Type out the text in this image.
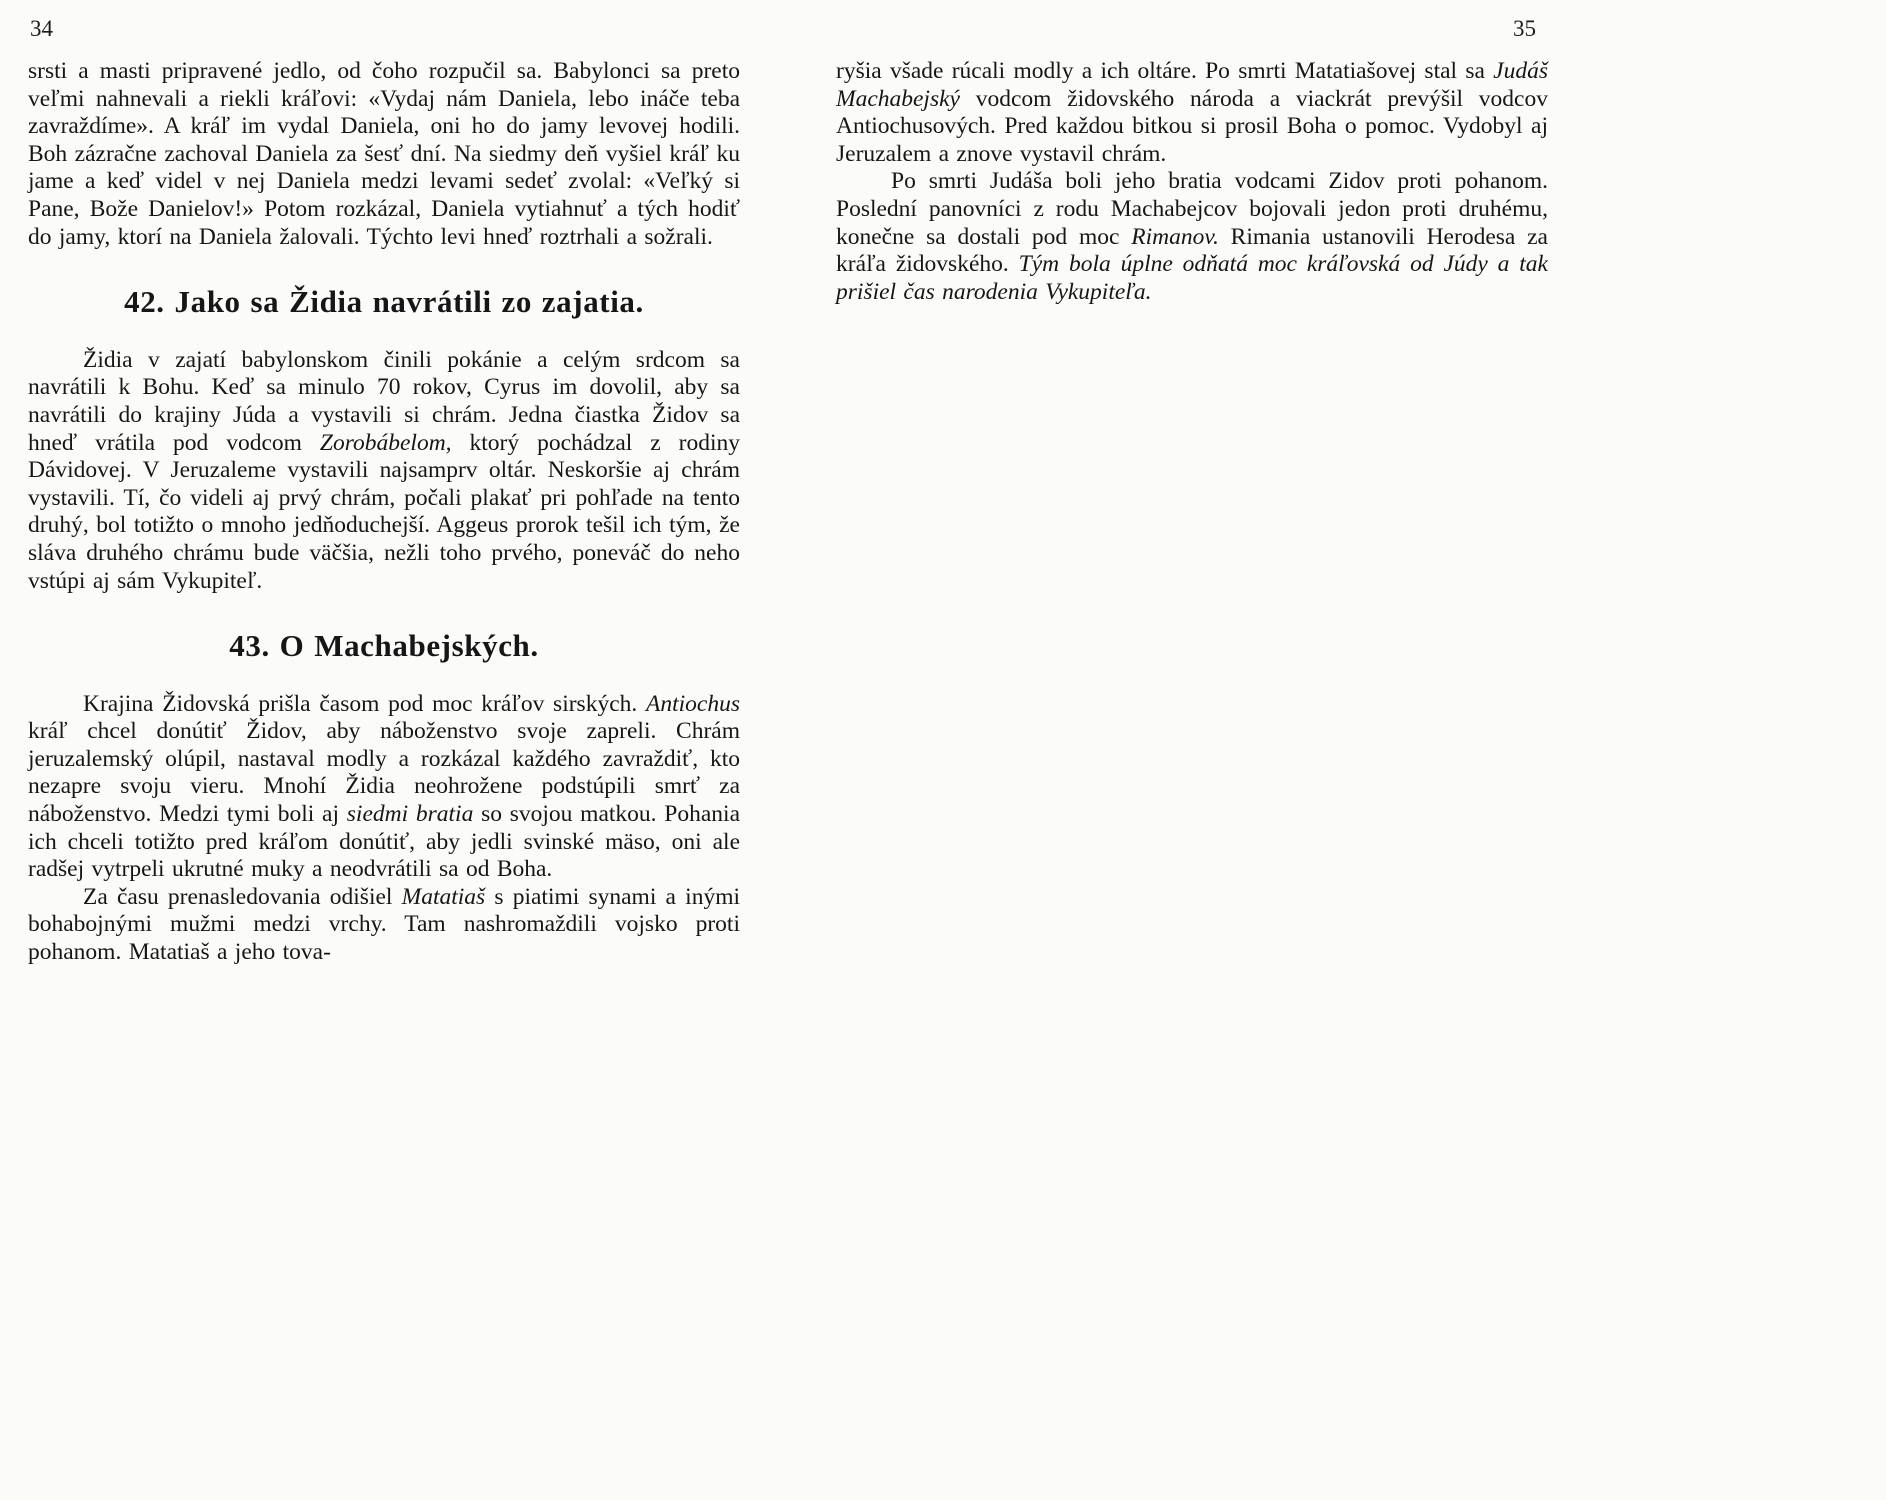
34	35

srsti a masti pripravené jedlo, od čoho rozpučil sa. Babylonci sa preto veľmi nahnevali a riekli kráľovi: «Vydaj nám Daniela, lebo ináče teba zavraždíme». A kráľ im vydal Daniela, oni ho do jamy levovej hodili. Boh zázračne zachoval Daniela za šesť dní. Na siedmy deň vyšiel kráľ ku jame a keď videl v nej Daniela medzi levami sedeť zvolal: «Veľký si Pane, Bože Danielov!» Potom rozkázal, Daniela vytiahnuť a tých hodiť do jamy, ktorí na Daniela žalovali. Týchto levi hneď roztrhali a sožrali.

42. Jako sa Židia navrátili zo zajatia.

Židia v zajatí babylonskom činili pokánie a celým srdcom sa navrátili k Bohu. Keď sa minulo 70 rokov, Cyrus im dovolil, aby sa navrátili do krajiny Júda a vystavili si chrám. Jedna čiastka Židov sa hneď vrátila pod vodcom Zorobábelom, ktorý pochádzal z rodiny Dávidovej. V Jeruzaleme vystavili najsamprv oltár. Neskoršie aj chrám vystavili. Tí, čo videli aj prvý chrám, počali plakať pri pohľade na tento druhý, bol totižto o mnoho jedňoduchejší. Aggeus prorok tešil ich tým, že sláva druhého chrámu bude väčšia, nežli toho prvého, poneváč do neho vstúpi aj sám Vykupiteľ.

43. O Machabejských.

Krajina Židovská prišla časom pod moc kráľov sirských. Antiochus kráľ chcel donútiť Židov, aby náboženstvo svoje zapreli. Chrám jeruzalemský olúpil, nastaval modly a rozkázal každého zavraždiť, kto nezapre svoju vieru. Mnohí Židia neohrožene podstúpili smrť za náboženstvo. Medzi tymi boli aj siedmi bratia so svojou matkou. Pohania ich chceli totižto pred kráľom donútiť, aby jedli svinské mäso, oni ale radšej vytrpeli ukrutné muky a neodvrátili sa od Boha.

Za času prenasledovania odišiel Matatiaš s piatimi synami a inými bohabojnými mužmi medzi vrchy. Tam nashromaždili vojsko proti pohanom. Matatiaš a jeho tova-

ryšia všade rúcali modly a ich oltáre. Po smrti Matatiašovej stal sa Judáš Machabejský vodcom židovského národa a viackrát prevýšil vodcov Antiochusových. Pred každou bitkou si prosil Boha o pomoc. Vydobyl aj Jeruzalem a znove vystavil chrám.

Po smrti Judáša boli jeho bratia vodcami Zidov proti pohanom. Poslední panovníci z rodu Machabejcov bojovali jedon proti druhému, konečne sa dostali pod moc Rimanov. Rimania ustanovili Herodesa za kráľa židovského. Tým bola úplne odňatá moc kráľovská od Júdy a tak prišiel čas narodenia Vykupiteľa.
